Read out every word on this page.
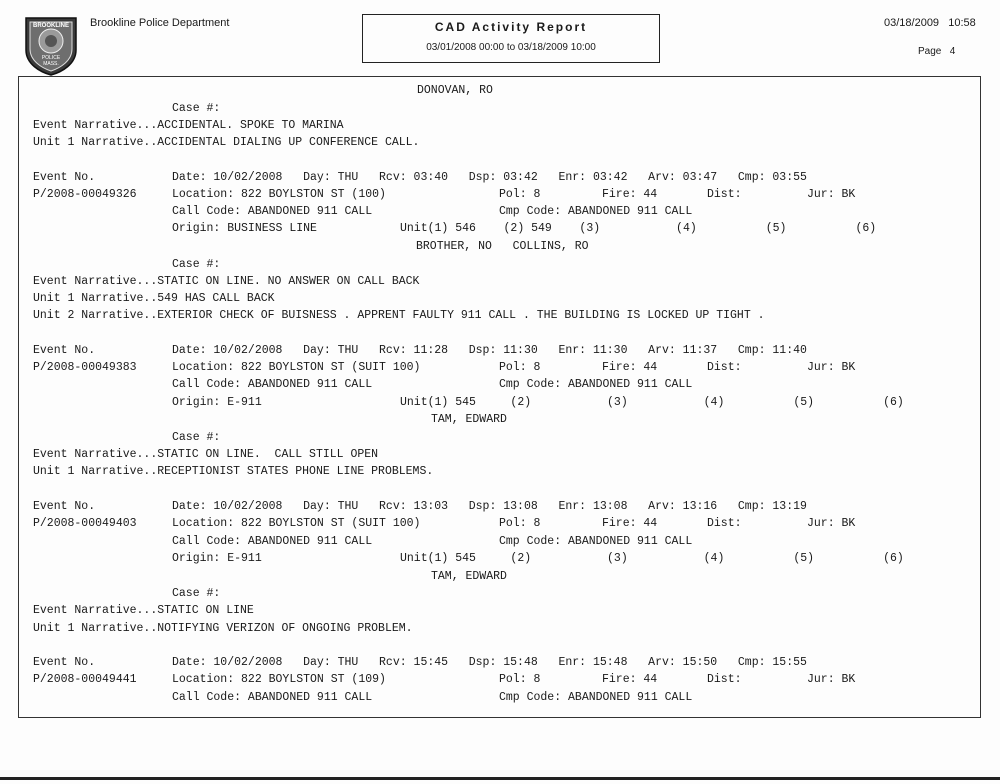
BROOKLINE
POLICE
MASS.
Brookline Police Department	CAD Activity Report
03/01/2008 00:00 to 03/18/2009 10:00
03/18/2009 10:58
Page 4
DONOVAN, RO
Case #:
Event Narrative...ACCIDENTAL. SPOKE TO MARINA
Unit 1 Narrative..ACCIDENTAL DIALING UP CONFERENCE CALL.
Event No.	Date: 10/02/2008   Day: THU   Rcv: 03:40   Dsp: 03:42   Enr: 03:42   Arv: 03:47   Cmp: 03:55
P/2008-00049326	Location: 822 BOYLSTON ST (100)	Pol: 8	Fire: 44	Dist:	Jur: BK
Call Code: ABANDONED 911 CALL	Cmp Code: ABANDONED 911 CALL
Origin: BUSINESS LINE	Unit(1) 546    (2) 549    (3)           (4)          (5)          (6)
BROTHER, NO   COLLINS, RO
Case #:
Event Narrative...STATIC ON LINE. NO ANSWER ON CALL BACK
Unit 1 Narrative..549 HAS CALL BACK
Unit 2 Narrative..EXTERIOR CHECK OF BUISNESS . APPRENT FAULTY 911 CALL . THE BUILDING IS LOCKED UP TIGHT .
Event No.	Date: 10/02/2008   Day: THU   Rcv: 11:28   Dsp: 11:30   Enr: 11:30   Arv: 11:37   Cmp: 11:40
P/2008-00049383	Location: 822 BOYLSTON ST (SUIT 100)	Pol: 8	Fire: 44	Dist:	Jur: BK
Call Code: ABANDONED 911 CALL	Cmp Code: ABANDONED 911 CALL
Origin: E-911	Unit(1) 545     (2)           (3)           (4)          (5)          (6)
TAM, EDWARD
Case #:
Event Narrative...STATIC ON LINE.  CALL STILL OPEN
Unit 1 Narrative..RECEPTIONIST STATES PHONE LINE PROBLEMS.
Event No.	Date: 10/02/2008   Day: THU   Rcv: 13:03   Dsp: 13:08   Enr: 13:08   Arv: 13:16   Cmp: 13:19
P/2008-00049403	Location: 822 BOYLSTON ST (SUIT 100)	Pol: 8	Fire: 44	Dist:	Jur: BK
Call Code: ABANDONED 911 CALL	Cmp Code: ABANDONED 911 CALL
Origin: E-911	Unit(1) 545     (2)           (3)           (4)          (5)          (6)
TAM, EDWARD
Case #:
Event Narrative...STATIC ON LINE
Unit 1 Narrative..NOTIFYING VERIZON OF ONGOING PROBLEM.
Event No.	Date: 10/02/2008   Day: THU   Rcv: 15:45   Dsp: 15:48   Enr: 15:48   Arv: 15:50   Cmp: 15:55
P/2008-00049441	Location: 822 BOYLSTON ST (109)	Pol: 8	Fire: 44	Dist:	Jur: BK
Call Code: ABANDONED 911 CALL	Cmp Code: ABANDONED 911 CALL
